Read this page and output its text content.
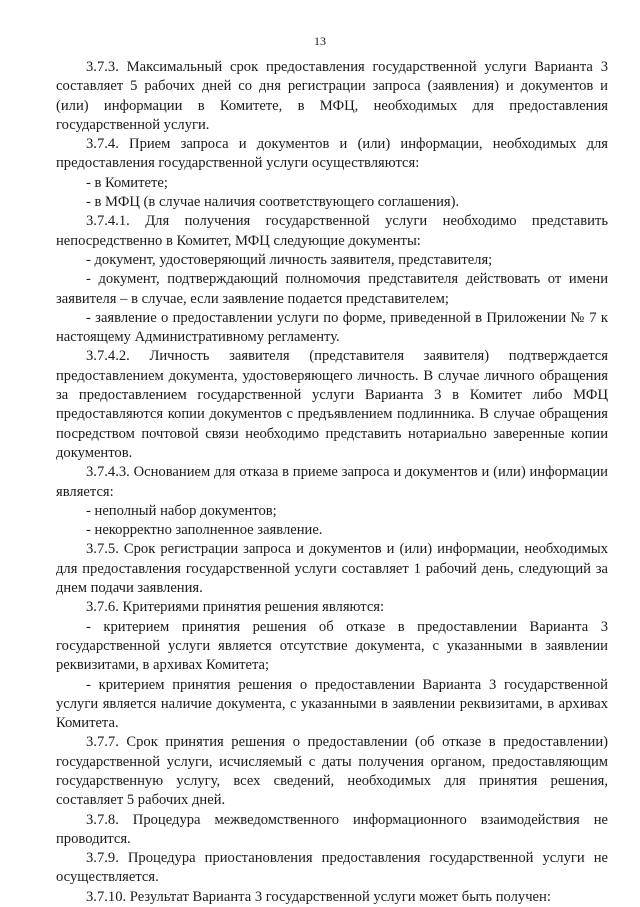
13

3.7.3. Максимальный срок предоставления государственной услуги Варианта 3 составляет 5 рабочих дней со дня регистрации запроса (заявления) и документов и (или) информации в Комитете, в МФЦ, необходимых для предоставления государственной услуги.

3.7.4. Прием запроса и документов и (или) информации, необходимых для предоставления государственной услуги осуществляются:

- в Комитете;

- в МФЦ (в случае наличия соответствующего соглашения).

3.7.4.1. Для получения государственной услуги необходимо представить непосредственно в Комитет, МФЦ следующие документы:

- документ, удостоверяющий личность заявителя, представителя;

- документ, подтверждающий полномочия представителя действовать от имени заявителя – в случае, если заявление подается представителем;

- заявление о предоставлении услуги по форме, приведенной в Приложении № 7 к настоящему Административному регламенту.

3.7.4.2. Личность заявителя (представителя заявителя) подтверждается предоставлением документа, удостоверяющего личность. В случае личного обращения за предоставлением государственной услуги Варианта 3 в Комитет либо МФЦ предоставляются копии документов с предъявлением подлинника. В случае обращения посредством почтовой связи необходимо представить нотариально заверенные копии документов.

3.7.4.3. Основанием для отказа в приеме запроса и документов и (или) информации является:

- неполный набор документов;

- некорректно заполненное заявление.

3.7.5. Срок регистрации запроса и документов и (или) информации, необходимых для предоставления государственной услуги составляет 1 рабочий день, следующий за днем подачи заявления.

3.7.6. Критериями принятия решения являются:

- критерием принятия решения об отказе в предоставлении Варианта 3 государственной услуги является отсутствие документа, с указанными в заявлении реквизитами, в архивах Комитета;

- критерием принятия решения о предоставлении Варианта 3 государственной услуги является наличие документа, с указанными в заявлении реквизитами, в архивах Комитета.

3.7.7. Срок принятия решения о предоставлении (об отказе в предоставлении) государственной услуги, исчисляемый с даты получения органом, предоставляющим государственную услугу, всех сведений, необходимых для принятия решения, составляет 5 рабочих дней.

3.7.8. Процедура межведомственного информационного взаимодействия не проводится.

3.7.9. Процедура приостановления предоставления государственной услуги не осуществляется.

3.7.10. Результат Варианта 3 государственной услуги может быть получен:
